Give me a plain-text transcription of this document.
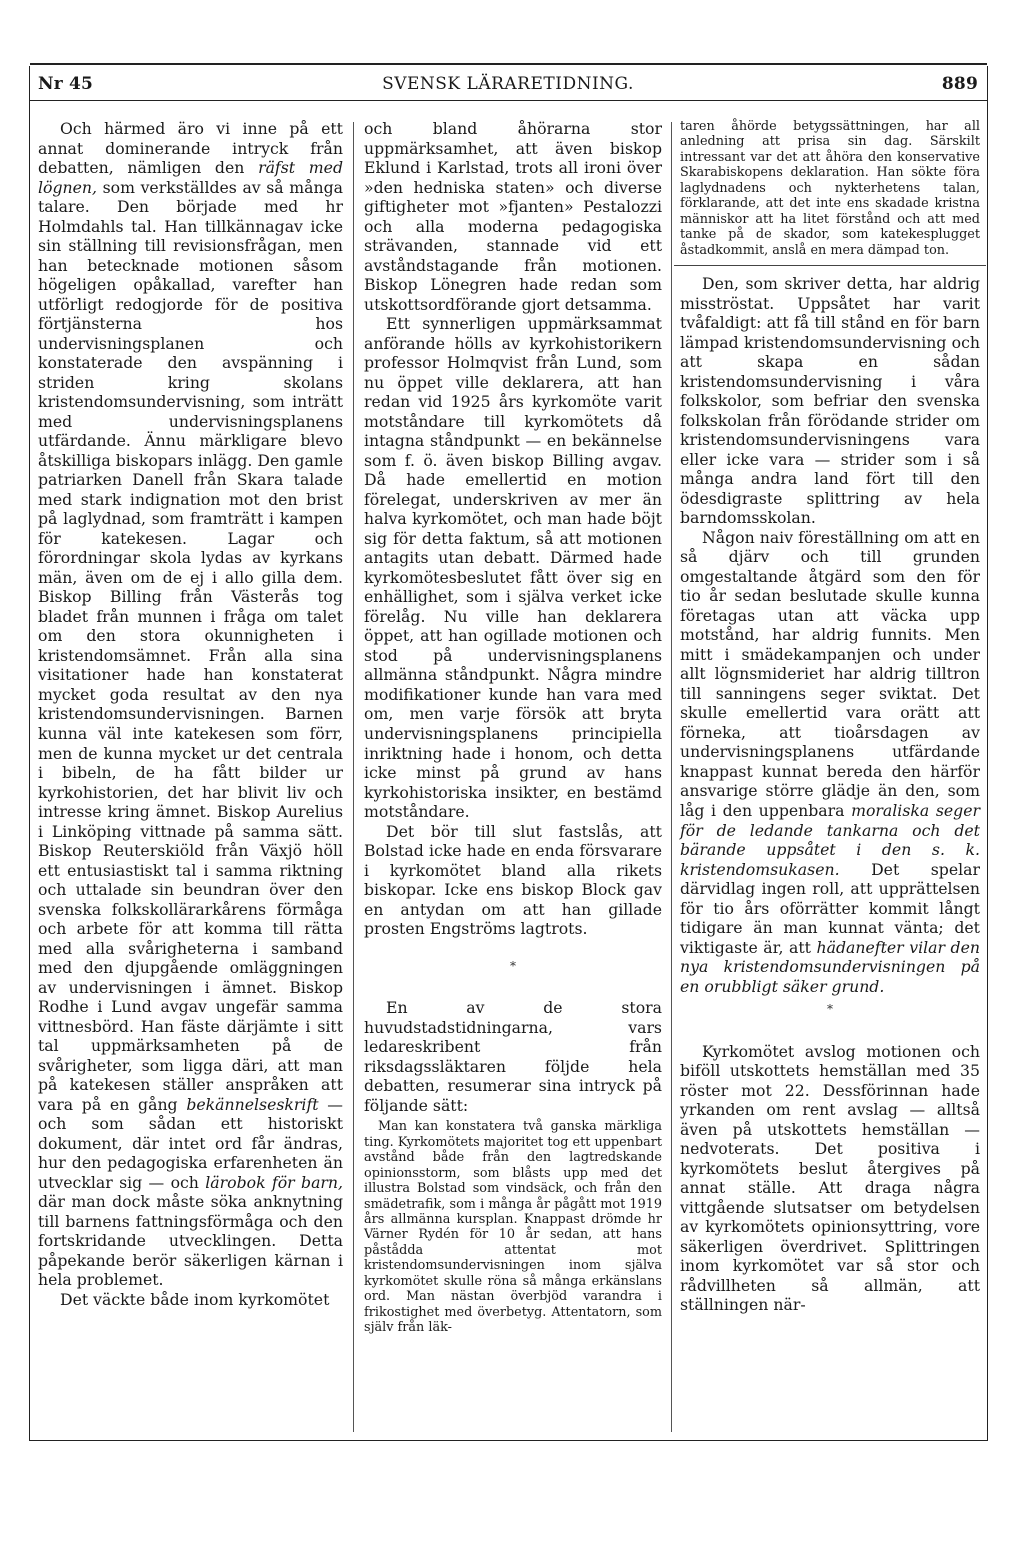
Nr 45	SVENSK LÄRARETIDNING.	889

Och härmed äro vi inne på ett annat dominerande intryck från debatten, nämligen den räfst med lögnen, som verkställdes av så många talare. Den började med hr Holmdahls tal. Han tillkännagav icke sin ställning till revisionsfrågan, men han betecknade motionen såsom högeligen opåkallad, varefter han utförligt redogjorde för de positiva förtjänsterna hos undervisningsplanen och konstaterade den avspänning i striden kring skolans kristendomsundervisning, som inträtt med undervisningsplanens utfärdande. Ännu märkligare blevo åtskilliga biskopars inlägg. Den gamle patriarken Danell från Skara talade med stark indignation mot den brist på laglydnad, som framträtt i kampen för katekesen. Lagar och förordningar skola lydas av kyrkans män, även om de ej i allo gilla dem. Biskop Billing från Västerås tog bladet från munnen i fråga om talet om den stora okunnigheten i kristendomsämnet. Från alla sina visitationer hade han konstaterat mycket goda resultat av den nya kristendomsundervisningen. Barnen kunna väl inte katekesen som förr, men de kunna mycket ur det centrala i bibeln, de ha fått bilder ur kyrkohistorien, det har blivit liv och intresse kring ämnet. Biskop Aurelius i Linköping vittnade på samma sätt. Biskop Reuterskiöld från Växjö höll ett entusiastiskt tal i samma riktning och uttalade sin beundran över den svenska folkskollärarkårens förmåga och arbete för att komma till rätta med alla svårigheterna i samband med den djupgående omläggningen av undervisningen i ämnet. Biskop Rodhe i Lund avgav ungefär samma vittnesbörd. Han fäste därjämte i sitt tal uppmärksamheten på de svårigheter, som ligga däri, att man på katekesen ställer anspråken att vara på en gång bekännelseskrift — och som sådan ett historiskt dokument, där intet ord får ändras, hur den pedagogiska erfarenheten än utvecklar sig — och lärobok för barn, där man dock måste söka anknytning till barnens fattningsförmåga och den fortskridande utvecklingen. Detta påpekande berör säkerligen kärnan i hela problemet.

Det väckte både inom kyrkomötet

och bland åhörarna stor uppmärksamhet, att även biskop Eklund i Karlstad, trots all ironi över »den hedniska staten» och diverse giftigheter mot »fjanten» Pestalozzi och alla moderna pedagogiska strävanden, stannade vid ett avståndstagande från motionen. Biskop Lönegren hade redan som utskottsordförande gjort detsamma.

Ett synnerligen uppmärksammat anförande hölls av kyrkohistorikern professor Holmqvist från Lund, som nu öppet ville deklarera, att han redan vid 1925 års kyrkomöte varit motståndare till kyrkomötets då intagna ståndpunkt — en bekännelse som f. ö. även biskop Billing avgav. Då hade emellertid en motion förelegat, underskriven av mer än halva kyrkomötet, och man hade böjt sig för detta faktum, så att motionen antagits utan debatt. Därmed hade kyrkomötesbeslutet fått över sig en enhällighet, som i själva verket icke förelåg. Nu ville han deklarera öppet, att han ogillade motionen och stod på undervisningsplanens allmänna ståndpunkt. Några mindre modifikationer kunde han vara med om, men varje försök att bryta undervisningsplanens principiella inriktning hade i honom, och detta icke minst på grund av hans kyrkohistoriska insikter, en bestämd motståndare.

Det bör till slut fastslås, att Bolstad icke hade en enda försvarare i kyrkomötet bland alla rikets biskopar. Icke ens biskop Block gav en antydan om att han gillade prosten Engströms lagtrots.

*

En av de stora huvudstadstidningarna, vars ledareskribent från riksdagssläktaren följde hela debatten, resumerar sina intryck på följande sätt:

Man kan konstatera två ganska märkliga ting. Kyrkomötets majoritet tog ett uppenbart avstånd både från den lagtredskande opinionsstorm, som blåsts upp med det illustra Bolstad som vindsäck, och från den smädetrafik, som i många år pågått mot 1919 års allmänna kursplan. Knappast drömde hr Värner Rydén för 10 år sedan, att hans påstådda attentat mot kristendomsundervisningen inom själva kyrkomötet skulle röna så många erkänslans ord. Man nästan överbjöd varandra i frikostighet med överbetyg. Attentatorn, som själv från läk-

taren åhörde betygssättningen, har all anledning att prisa sin dag. Särskilt intressant var det att åhöra den konservative Skarabiskopens deklaration. Han sökte föra laglydnadens och nykterhetens talan, förklarande, att det inte ens skadade kristna människor att ha litet förstånd och att med tanke på de skador, som katekesplugget åstadkommit, anslå en mera dämpad ton.

Den, som skriver detta, har aldrig misströstat. Uppsåtet har varit tvåfaldigt: att få till stånd en för barn lämpad kristendomsundervisning och att skapa en sådan kristendomsundervisning i våra folkskolor, som befriar den svenska folkskolan från förödande strider om kristendomsundervisningens vara eller icke vara — strider som i så många andra land fört till den ödesdigraste splittring av hela barndomsskolan.

Någon naiv föreställning om att en så djärv och till grunden omgestaltande åtgärd som den för tio år sedan beslutade skulle kunna företagas utan att väcka upp motstånd, har aldrig funnits. Men mitt i smädekampanjen och under allt lögnsmideriet har aldrig tilltron till sanningens seger sviktat. Det skulle emellertid vara orätt att förneka, att tioårsdagen av undervisningsplanens utfärdande knappast kunnat bereda den härför ansvarige större glädje än den, som låg i den uppenbara moraliska seger för de ledande tankarna och det bärande uppsåtet i den s. k. kristendomsukasen. Det spelar därvidlag ingen roll, att upprättelsen för tio års oförrätter kommit långt tidigare än man kunnat vänta; det viktigaste är, att hädanefter vilar den nya kristendomsundervisningen på en orubbligt säker grund.

*

Kyrkomötet avslog motionen och biföll utskottets hemställan med 35 röster mot 22. Dessförinnan hade yrkanden om rent avslag — alltså även på utskottets hemställan — nedvoterats. Det positiva i kyrkomötets beslut återgives på annat ställe. Att draga några vittgående slutsatser om betydelsen av kyrkomötets opinionsyttring, vore säkerligen överdrivet. Splittringen inom kyrkomötet var så stor och rådvillheten så allmän, att ställningen när-
